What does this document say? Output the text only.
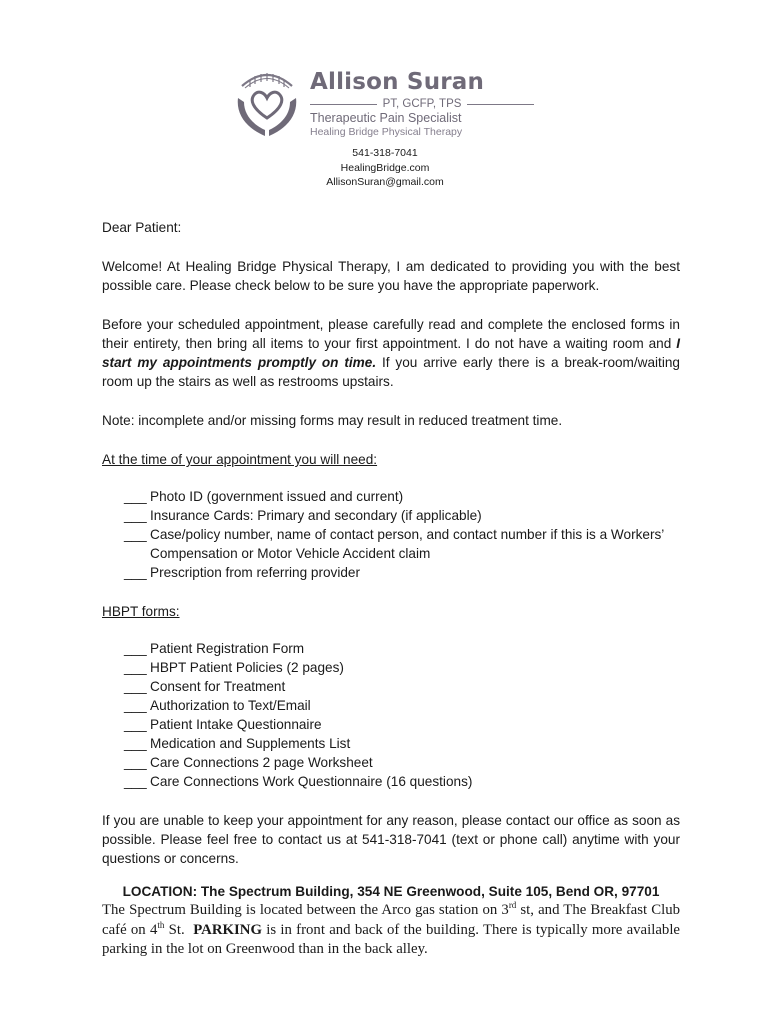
Allison Suran
PT, GCFP, TPS
Therapeutic Pain Specialist
Healing Bridge Physical Therapy
541-318-7041
HealingBridge.com
AllisonSuran@gmail.com

Dear Patient:

Welcome! At Healing Bridge Physical Therapy, I am dedicated to providing you with the best possible care. Please check below to be sure you have the appropriate paperwork.

Before your scheduled appointment, please carefully read and complete the enclosed forms in their entirety, then bring all items to your first appointment. I do not have a waiting room and I start my appointments promptly on time. If you arrive early there is a break-room/waiting room up the stairs as well as restrooms upstairs.

Note: incomplete and/or missing forms may result in reduced treatment time.

At the time of your appointment you will need:

___ Photo ID (government issued and current)
___ Insurance Cards: Primary and secondary (if applicable)
___ Case/policy number, name of contact person, and contact number if this is a Workers’ Compensation or Motor Vehicle Accident claim
___ Prescription from referring provider

HBPT forms:

___ Patient Registration Form
___ HBPT Patient Policies (2 pages)
___ Consent for Treatment
___ Authorization to Text/Email
___ Patient Intake Questionnaire
___ Medication and Supplements List
___ Care Connections 2 page Worksheet
___ Care Connections Work Questionnaire (16 questions)

If you are unable to keep your appointment for any reason, please contact our office as soon as possible. Please feel free to contact us at 541-318-7041 (text or phone call) anytime with your questions or concerns.

LOCATION: The Spectrum Building, 354 NE Greenwood, Suite 105, Bend OR, 97701

The Spectrum Building is located between the Arco gas station on 3rd st, and The Breakfast Club café on 4th St.  PARKING is in front and back of the building. There is typically more available parking in the lot on Greenwood than in the back alley.
